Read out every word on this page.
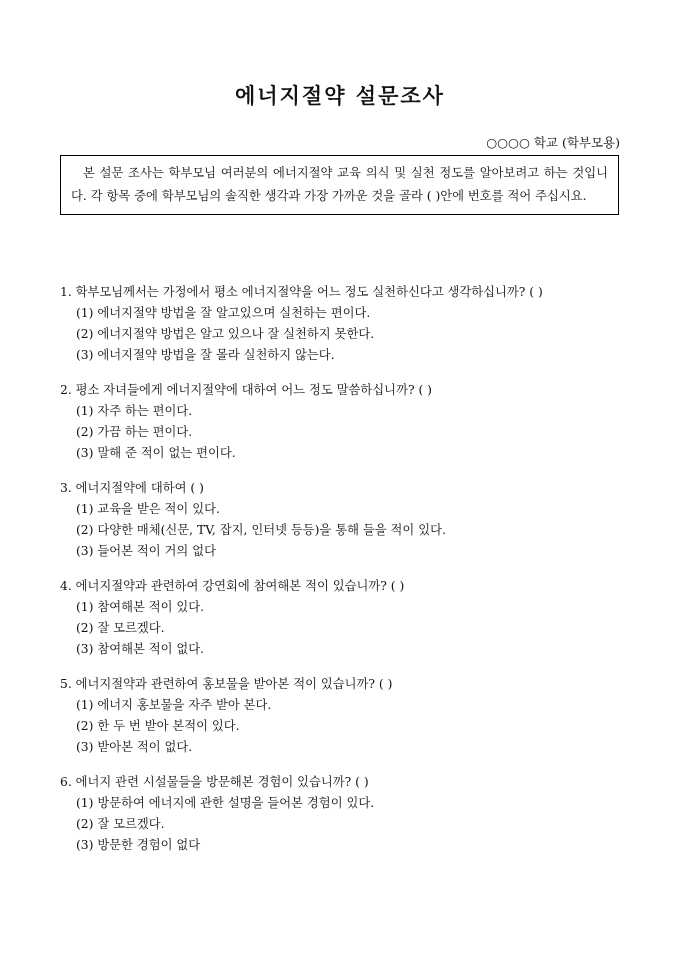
에너지절약 설문조사
○○○○ 학교 (학부모용)

본 설문 조사는 학부모님 여러분의 에너지절약 교육 의식 및 실천 정도를 알아보려고 하는 것입니다. 각 항목 중에 학부모님의 솔직한 생각과 가장 가까운 것을 골라 ( )안에 번호를 적어 주십시요.

1. 학부모님께서는 가정에서 평소 에너지절약을 어느 정도 실천하신다고 생각하십니까? ( )
(1) 에너지절약 방법을 잘 알고있으며 실천하는 편이다.
(2) 에너지절약 방법은 알고 있으나 잘 실천하지 못한다.
(3) 에너지절약 방법을 잘 몰라 실천하지 않는다.
2. 평소 자녀들에게 에너지절약에 대하여 어느 정도 말씀하십니까? ( )
(1) 자주 하는 편이다.
(2) 가끔 하는 편이다.
(3) 말해 준 적이 없는 편이다.
3. 에너지절약에 대하여 ( )
(1) 교육을 받은 적이 있다.
(2) 다양한 매체(신문, TV, 잡지, 인터넷 등등)을 통해 들을 적이 있다.
(3) 들어본 적이 거의 없다
4. 에너지절약과 관련하여 강연회에 참여해본 적이 있습니까? ( )
(1) 참여해본 적이 있다.
(2) 잘 모르겠다.
(3) 참여해본 적이 없다.
5. 에너지절약과 관련하여 홍보물을 받아본 적이 있습니까? ( )
(1) 에너지 홍보물을 자주 받아 본다.
(2) 한 두 번 받아 본적이 있다.
(3) 받아본 적이 없다.
6. 에너지 관련 시설물들을 방문해본 경험이 있습니까? ( )
(1) 방문하여 에너지에 관한 설명을 들어본 경험이 있다.
(2) 잘 모르겠다.
(3) 방문한 경험이 없다
